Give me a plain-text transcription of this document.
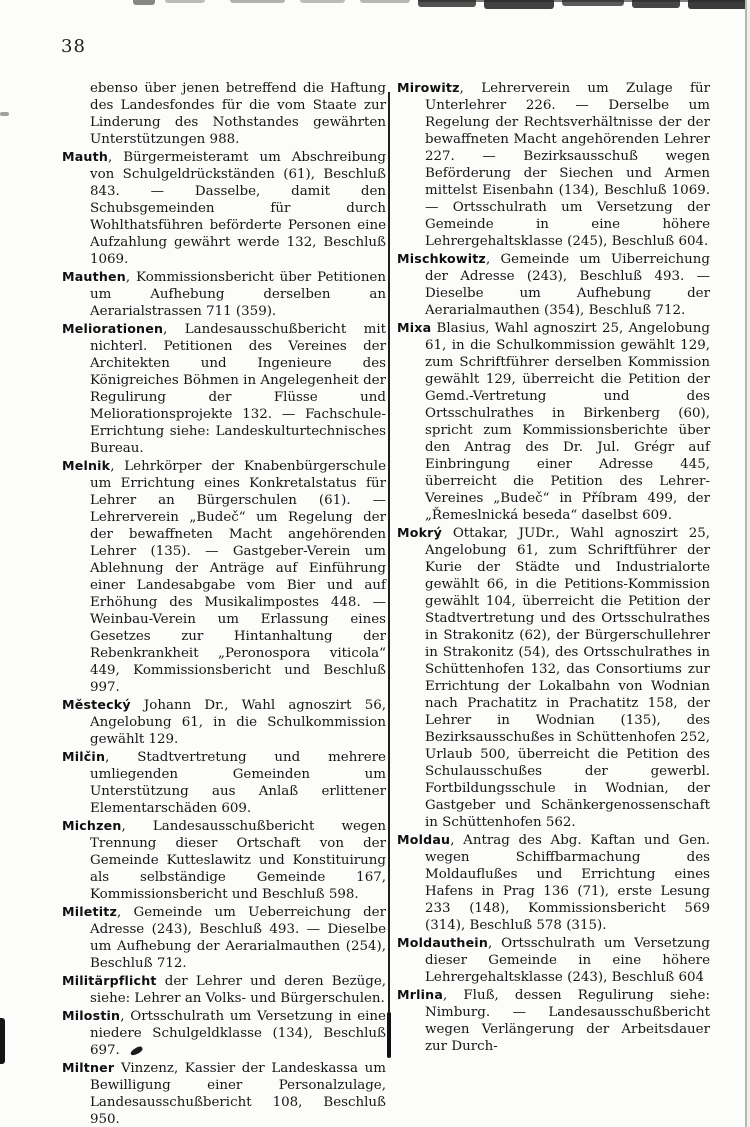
38

ebenso über jenen betreffend die Haftung des Landesfondes für die vom Staate zur Linderung des Nothstandes gewährten Unterstützungen 988.

Mauth, Bürgermeisteramt um Abschreibung von Schulgeldrückständen (61), Beschluß 843. — Dasselbe, damit den Schubsgemeinden für durch Wohlthatsführen beförderte Personen eine Aufzahlung gewährt werde 132, Beschluß 1069.

Mauthen, Kommissionsbericht über Petitionen um Aufhebung derselben an Aerarialstrassen 711 (359).

Meliorationen, Landesausschußbericht mit nichterl. Petitionen des Vereines der Architekten und Ingenieure des Königreiches Böhmen in Angelegenheit der Regulirung der Flüsse und Meliorationsprojekte 132. — Fachschule-Errichtung siehe: Landeskulturtechnisches Bureau.

Melnik, Lehrkörper der Knabenbürgerschule um Errichtung eines Konkretalstatus für Lehrer an Bürgerschulen (61). — Lehrerverein „Budeč“ um Regelung der der bewaffneten Macht angehörenden Lehrer (135). — Gastgeber-Verein um Ablehnung der Anträge auf Einführung einer Landesabgabe vom Bier und auf Erhöhung des Musikalimpostes 448. — Weinbau-Verein um Erlassung eines Gesetzes zur Hintanhaltung der Rebenkrankheit „Peronospora viticola“ 449, Kommissionsbericht und Beschluß 997.

Městecký Johann Dr., Wahl agnoszirt 56, Angelobung 61, in die Schulkommission gewählt 129.

Milčin, Stadtvertretung und mehrere umliegenden Gemeinden um Unterstützung aus Anlaß erlittener Elementarschäden 609.

Michzen, Landesausschußbericht wegen Trennung dieser Ortschaft von der Gemeinde Kutteslawitz und Konstituirung als selbständige Gemeinde 167, Kommissionsbericht und Beschluß 598.

Miletitz, Gemeinde um Ueberreichung der Adresse (243), Beschluß 493. — Dieselbe um Aufhebung der Aerarialmauthen (254), Beschluß 712.

Militärpflicht der Lehrer und deren Bezüge, siehe: Lehrer an Volks- und Bürgerschulen.

Milostin, Ortsschulrath um Versetzung in eine niedere Schulgeldklasse (134), Beschluß 697.

Miltner Vinzenz, Kassier der Landeskassa um Bewilligung einer Personalzulage, Landesausschußbericht 108, Beschluß 950.

Mirowitz, Lehrerverein um Zulage für Unterlehrer 226. — Derselbe um Regelung der Rechtsverhältnisse der der bewaffneten Macht angehörenden Lehrer 227. — Bezirksausschuß wegen Beförderung der Siechen und Armen mittelst Eisenbahn (134), Beschluß 1069. — Ortsschulrath um Versetzung der Gemeinde in eine höhere Lehrergehaltsklasse (245), Beschluß 604.

Mischkowitz, Gemeinde um Uiberreichung der Adresse (243), Beschluß 493. — Dieselbe um Aufhebung der Aerarialmauthen (354), Beschluß 712.

Mixa Blasius, Wahl agnoszirt 25, Angelobung 61, in die Schulkommission gewählt 129, zum Schriftführer derselben Kommission gewählt 129, überreicht die Petition der Gemd.-Vertretung und des Ortsschulrathes in Birkenberg (60), spricht zum Kommissionsberichte über den Antrag des Dr. Jul. Grégr auf Einbringung einer Adresse 445, überreicht die Petition des Lehrer-Vereines „Budeč“ in Příbram 499, der „Řemeslnická beseda“ daselbst 609.

Mokrý Ottakar, JUDr., Wahl agnoszirt 25, Angelobung 61, zum Schriftführer der Kurie der Städte und Industrialorte gewählt 66, in die Petitions-Kommission gewählt 104, überreicht die Petition der Stadtvertretung und des Ortsschulrathes in Strakonitz (62), der Bürgerschullehrer in Strakonitz (54), des Ortsschulrathes in Schüttenhofen 132, das Consortiums zur Errichtung der Lokalbahn von Wodnian nach Prachatitz in Prachatitz 158, der Lehrer in Wodnian (135), des Bezirksausschußes in Schüttenhofen 252, Urlaub 500, überreicht die Petition des Schulausschußes der gewerbl. Fortbildungsschule in Wodnian, der Gastgeber und Schänkergenossenschaft in Schüttenhofen 562.

Moldau, Antrag des Abg. Kaftan und Gen. wegen Schiffbarmachung des Moldauflußes und Errichtung eines Hafens in Prag 136 (71), erste Lesung 233 (148), Kommissionsbericht 569 (314), Beschluß 578 (315).

Moldauthein, Ortsschulrath um Versetzung dieser Gemeinde in eine höhere Lehrergehaltsklasse (243), Beschluß 604

Mrlina, Fluß, dessen Regulirung siehe: Nimburg. — Landesausschußbericht wegen Verlängerung der Arbeitsdauer zur Durch-
